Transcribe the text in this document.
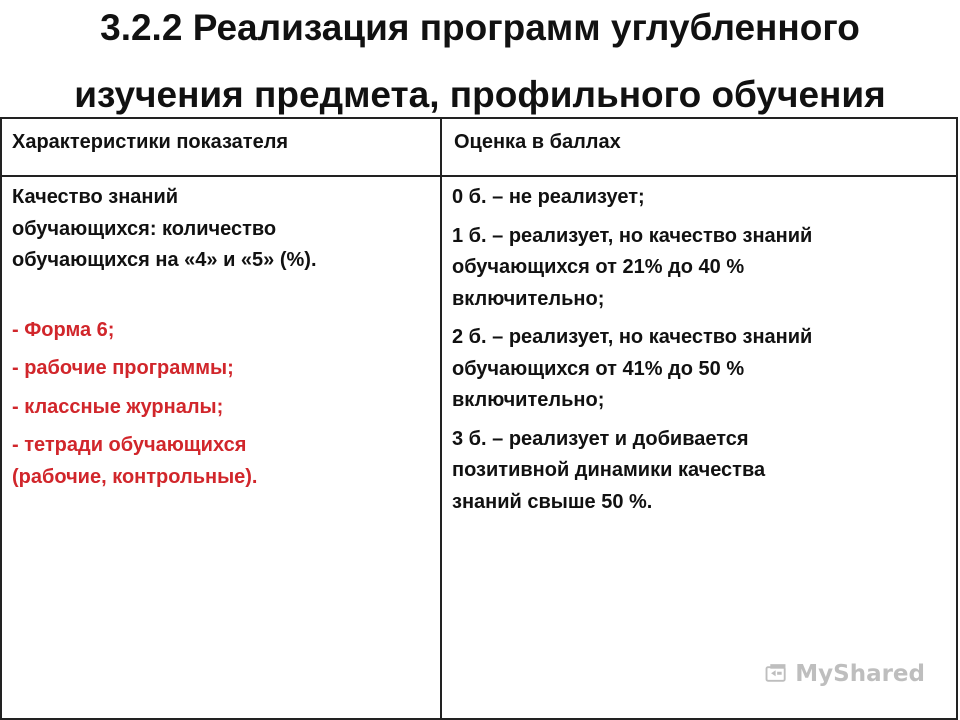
3.2.2 Реализация программ углубленного
изучения предмета, профильного обучения
Характеристики показателя	Оценка в баллах
Качество знаний
обучающихся: количество
обучающихся на «4» и «5» (%).
- Форма 6;
- рабочие программы;
- классные журналы;
- тетради обучающихся
(рабочие, контрольные).
0 б. – не реализует;
1 б. – реализует, но качество знаний
обучающихся от 21% до 40 %
включительно;
2 б. – реализует, но качество знаний
обучающихся от 41% до 50 %
включительно;
3 б. – реализует и добивается
позитивной динамики качества
знаний свыше 50 %.
MyShared
